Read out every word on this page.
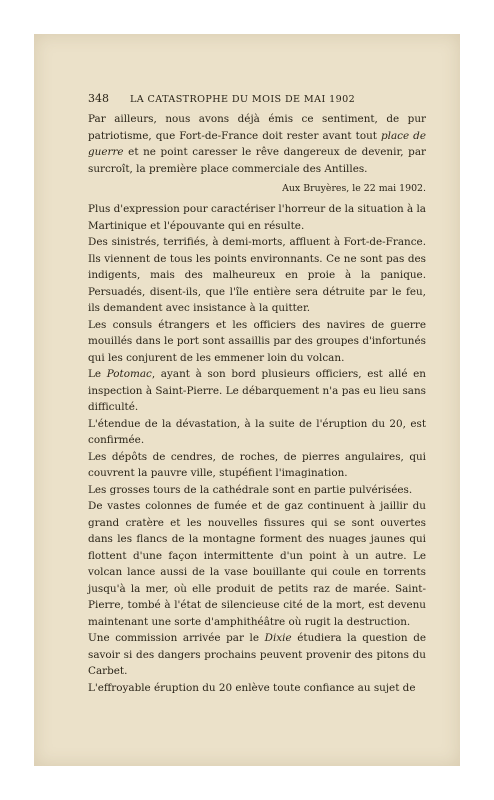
348	LA CATASTROPHE DU MOIS DE MAI 1902

Par ailleurs, nous avons déjà émis ce sentiment, de pur patriotisme, que Fort-de-France doit rester avant tout place de guerre et ne point caresser le rêve dangereux de devenir, par surcroît, la première place commerciale des Antilles.

Aux Bruyères, le 22 mai 1902.

Plus d'expression pour caractériser l'horreur de la situation à la Martinique et l'épouvante qui en résulte.

Des sinistrés, terrifiés, à demi-morts, affluent à Fort-de-France. Ils viennent de tous les points environnants. Ce ne sont pas des indigents, mais des malheureux en proie à la panique. Persuadés, disent-ils, que l'île entière sera détruite par le feu, ils demandent avec insistance à la quitter.

Les consuls étrangers et les officiers des navires de guerre mouillés dans le port sont assaillis par des groupes d'infortunés qui les conjurent de les emmener loin du volcan.

Le Potomac, ayant à son bord plusieurs officiers, est allé en inspection à Saint-Pierre. Le débarquement n'a pas eu lieu sans difficulté.

L'étendue de la dévastation, à la suite de l'éruption du 20, est confirmée.

Les dépôts de cendres, de roches, de pierres angulaires, qui couvrent la pauvre ville, stupéfient l'imagination.

Les grosses tours de la cathédrale sont en partie pulvérisées.

De vastes colonnes de fumée et de gaz continuent à jaillir du grand cratère et les nouvelles fissures qui se sont ouvertes dans les flancs de la montagne forment des nuages jaunes qui flottent d'une façon intermittente d'un point à un autre. Le volcan lance aussi de la vase bouillante qui coule en torrents jusqu'à la mer, où elle produit de petits raz de marée. Saint-Pierre, tombé à l'état de silencieuse cité de la mort, est devenu maintenant une sorte d'amphithéâtre où rugit la destruction.

Une commission arrivée par le Dixie étudiera la question de savoir si des dangers prochains peuvent provenir des pitons du Carbet.

L'effroyable éruption du 20 enlève toute confiance au sujet de
